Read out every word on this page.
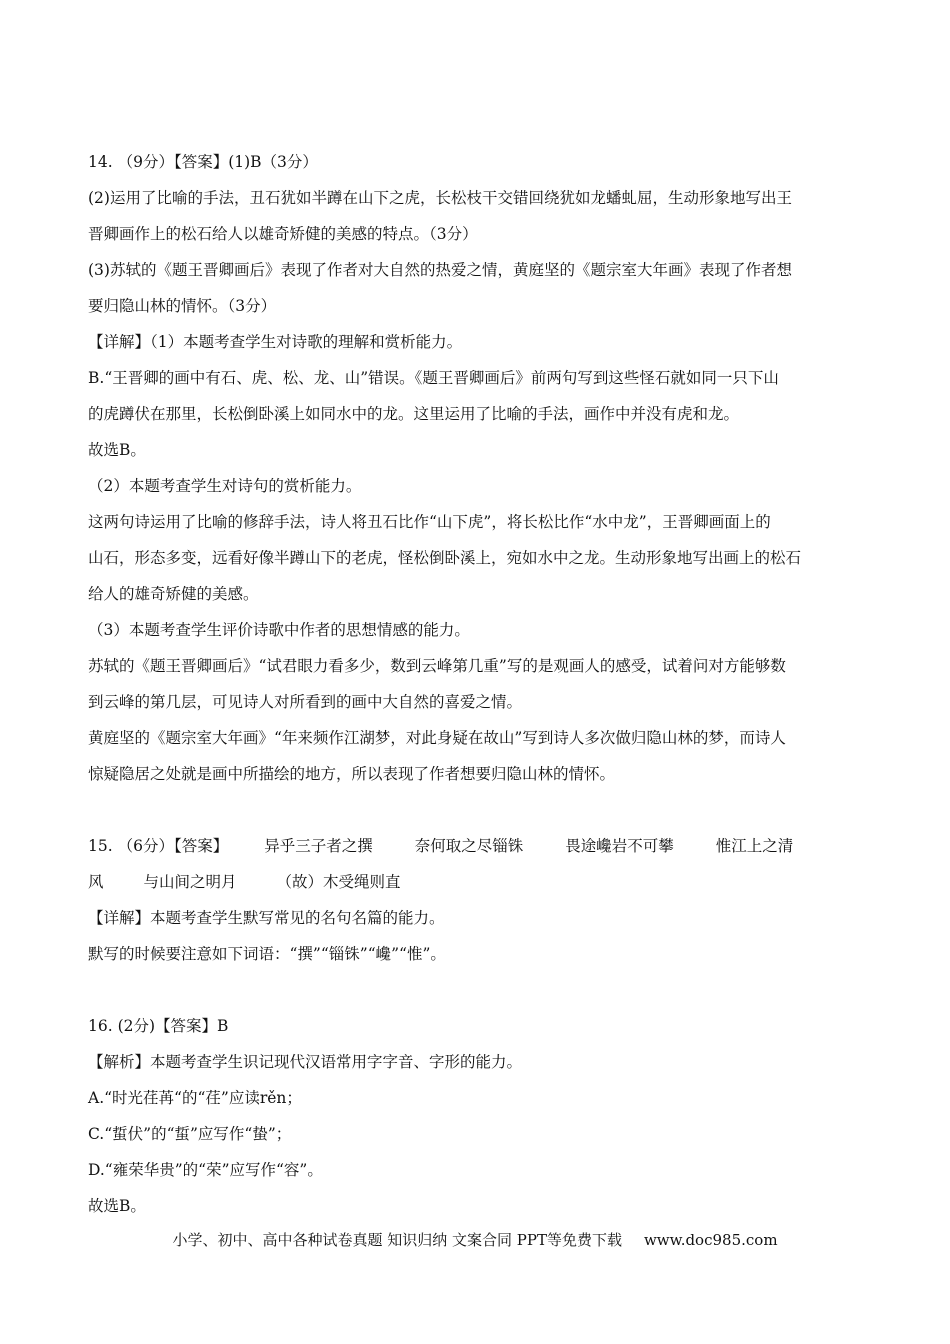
14. （9分）【答案】(1)B（3分）
(2)运用了比喻的手法，丑石犹如半蹲在山下之虎，长松枝干交错回绕犹如龙蟠虬屈，生动形象地写出王
晋卿画作上的松石给人以雄奇矫健的美感的特点。（3分）
(3)苏轼的《题王晋卿画后》表现了作者对大自然的热爱之情，黄庭坚的《题宗室大年画》表现了作者想
要归隐山林的情怀。（3分）
【详解】（1）本题考查学生对诗歌的理解和赏析能力。
B.“王晋卿的画中有石、虎、松、龙、山”错误。《题王晋卿画后》前两句写到这些怪石就如同一只下山
的虎蹲伏在那里，长松倒卧溪上如同水中的龙。这里运用了比喻的手法，画作中并没有虎和龙。
故选B。
（2）本题考查学生对诗句的赏析能力。
这两句诗运用了比喻的修辞手法，诗人将丑石比作“山下虎”，将长松比作“水中龙”，王晋卿画面上的
山石，形态多变，远看好像半蹲山下的老虎，怪松倒卧溪上，宛如水中之龙。生动形象地写出画上的松石
给人的雄奇矫健的美感。
（3）本题考查学生评价诗歌中作者的思想情感的能力。
苏轼的《题王晋卿画后》“试君眼力看多少，数到云峰第几重”写的是观画人的感受，试着问对方能够数
到云峰的第几层，可见诗人对所看到的画中大自然的喜爱之情。
黄庭坚的《题宗室大年画》“年来频作江湖梦，对此身疑在故山”写到诗人多次做归隐山林的梦，而诗人
惊疑隐居之处就是画中所描绘的地方，所以表现了作者想要归隐山林的情怀。
15. （6分）【答案】 异乎三子者之撰	奈何取之尽锱铢	畏途巉岩不可攀	惟江上之清
风	与山间之明月	（故）木受绳则直
【详解】本题考查学生默写常见的名句名篇的能力。
默写的时候要注意如下词语：“撰”“锱铢”“巉”“惟”。
16. (2分)【答案】B
【解析】本题考查学生识记现代汉语常用字字音、字形的能力。
A.“时光荏苒“的“荏”应读rěn；
C.“蜇伏”的“蜇”应写作“蛰”；
D.“雍荣华贵”的“荣”应写作“容”。
故选B。
小学、初中、高中各种试卷真题 知识归纳 文案合同 PPT等免费下载 www.doc985.com
